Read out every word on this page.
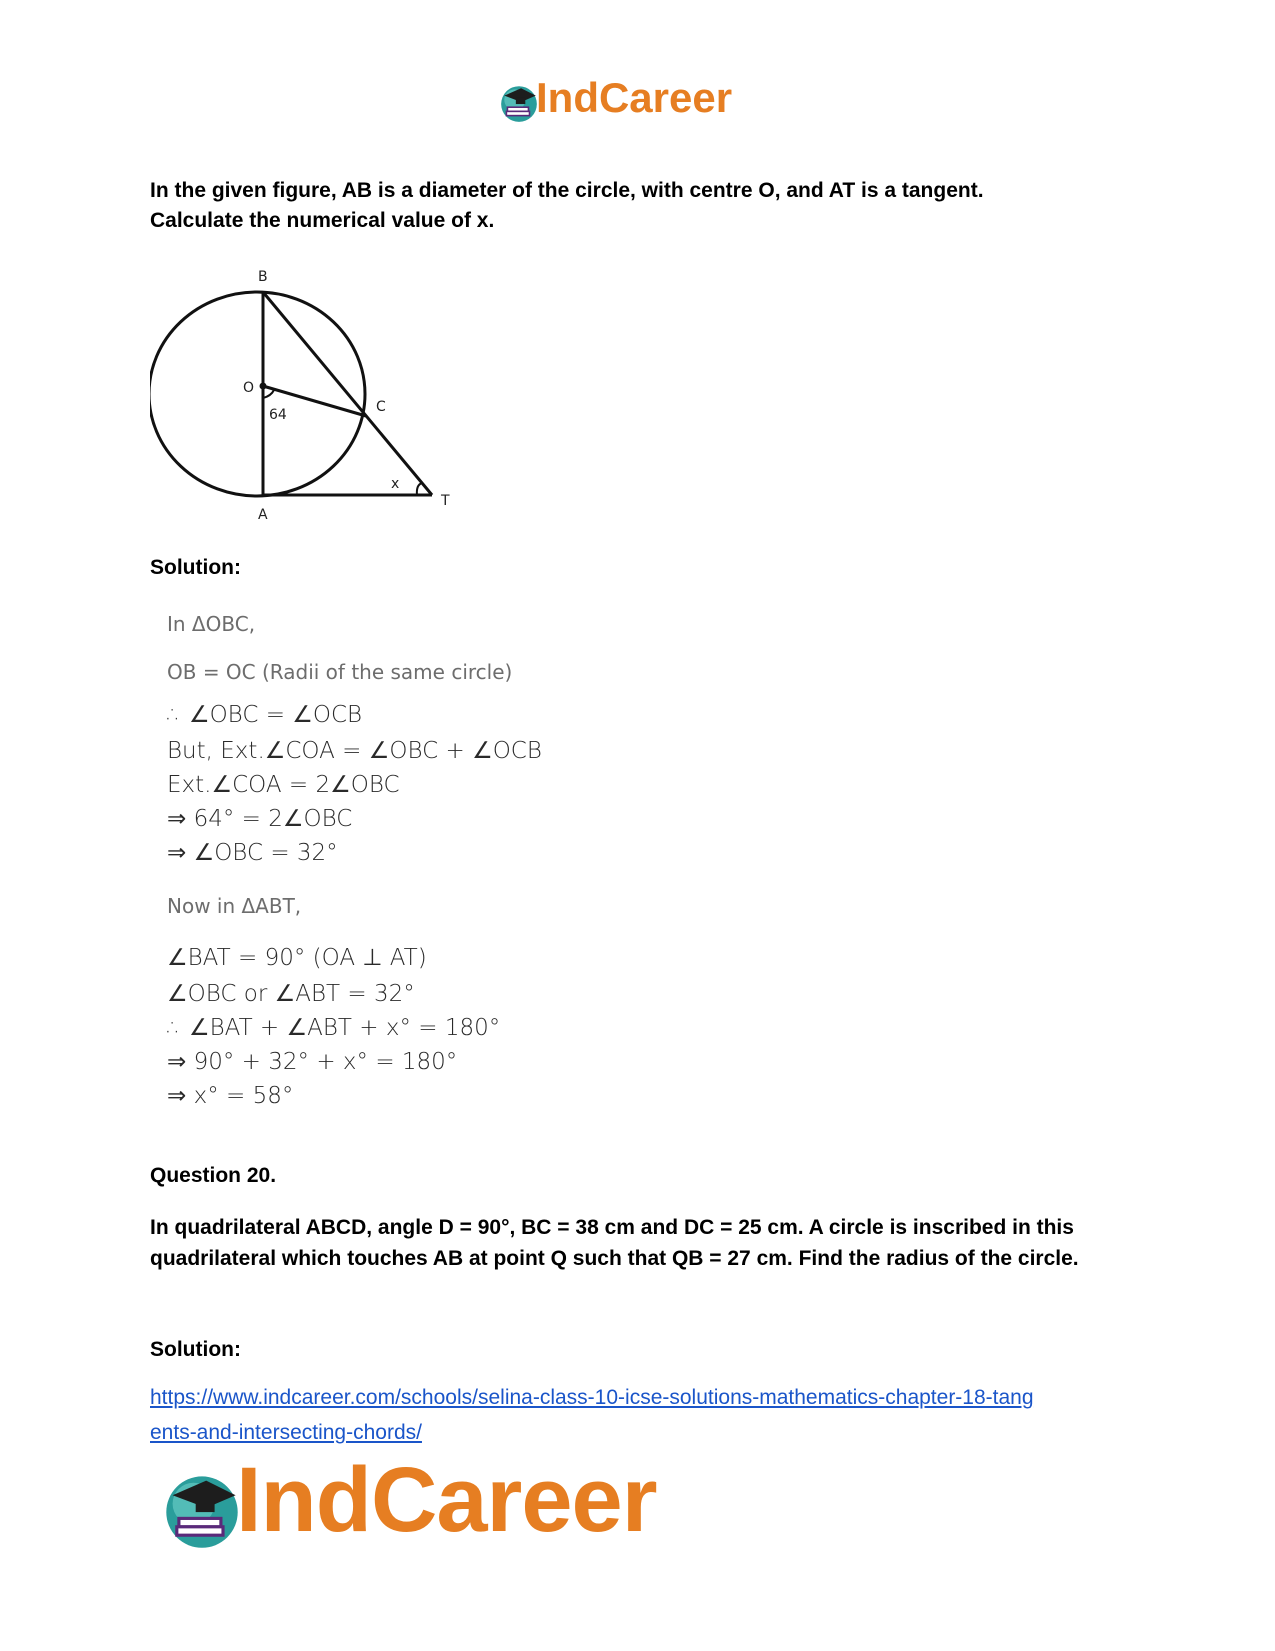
IndCareer
In the given figure, AB is a diameter of the circle, with centre O, and AT is a tangent.
Calculate the numerical value of x.
B
O
C
A
T
64
x
Solution:
In ΔOBC,
OB = OC (Radii of the same circle)
∴ ∠OBC = ∠OCB
But, Ext.∠COA = ∠OBC + ∠OCB
Ext.∠COA = 2∠OBC
⇒ 64° = 2∠OBC
⇒ ∠OBC = 32°
Now in ΔABT,
∠BAT = 90° (OA ⊥ AT)
∠OBC or ∠ABT = 32°
∴ ∠BAT + ∠ABT + x° = 180°
⇒ 90° + 32° + x° = 180°
⇒ x° = 58°
Question 20.
In quadrilateral ABCD, angle D = 90°, BC = 38 cm and DC = 25 cm. A circle is inscribed in this quadrilateral which touches AB at point Q such that QB = 27 cm. Find the radius of the circle.
Solution:
https://www.indcareer.com/schools/selina-class-10-icse-solutions-mathematics-chapter-18-tang
ents-and-intersecting-chords/
IndCareer
